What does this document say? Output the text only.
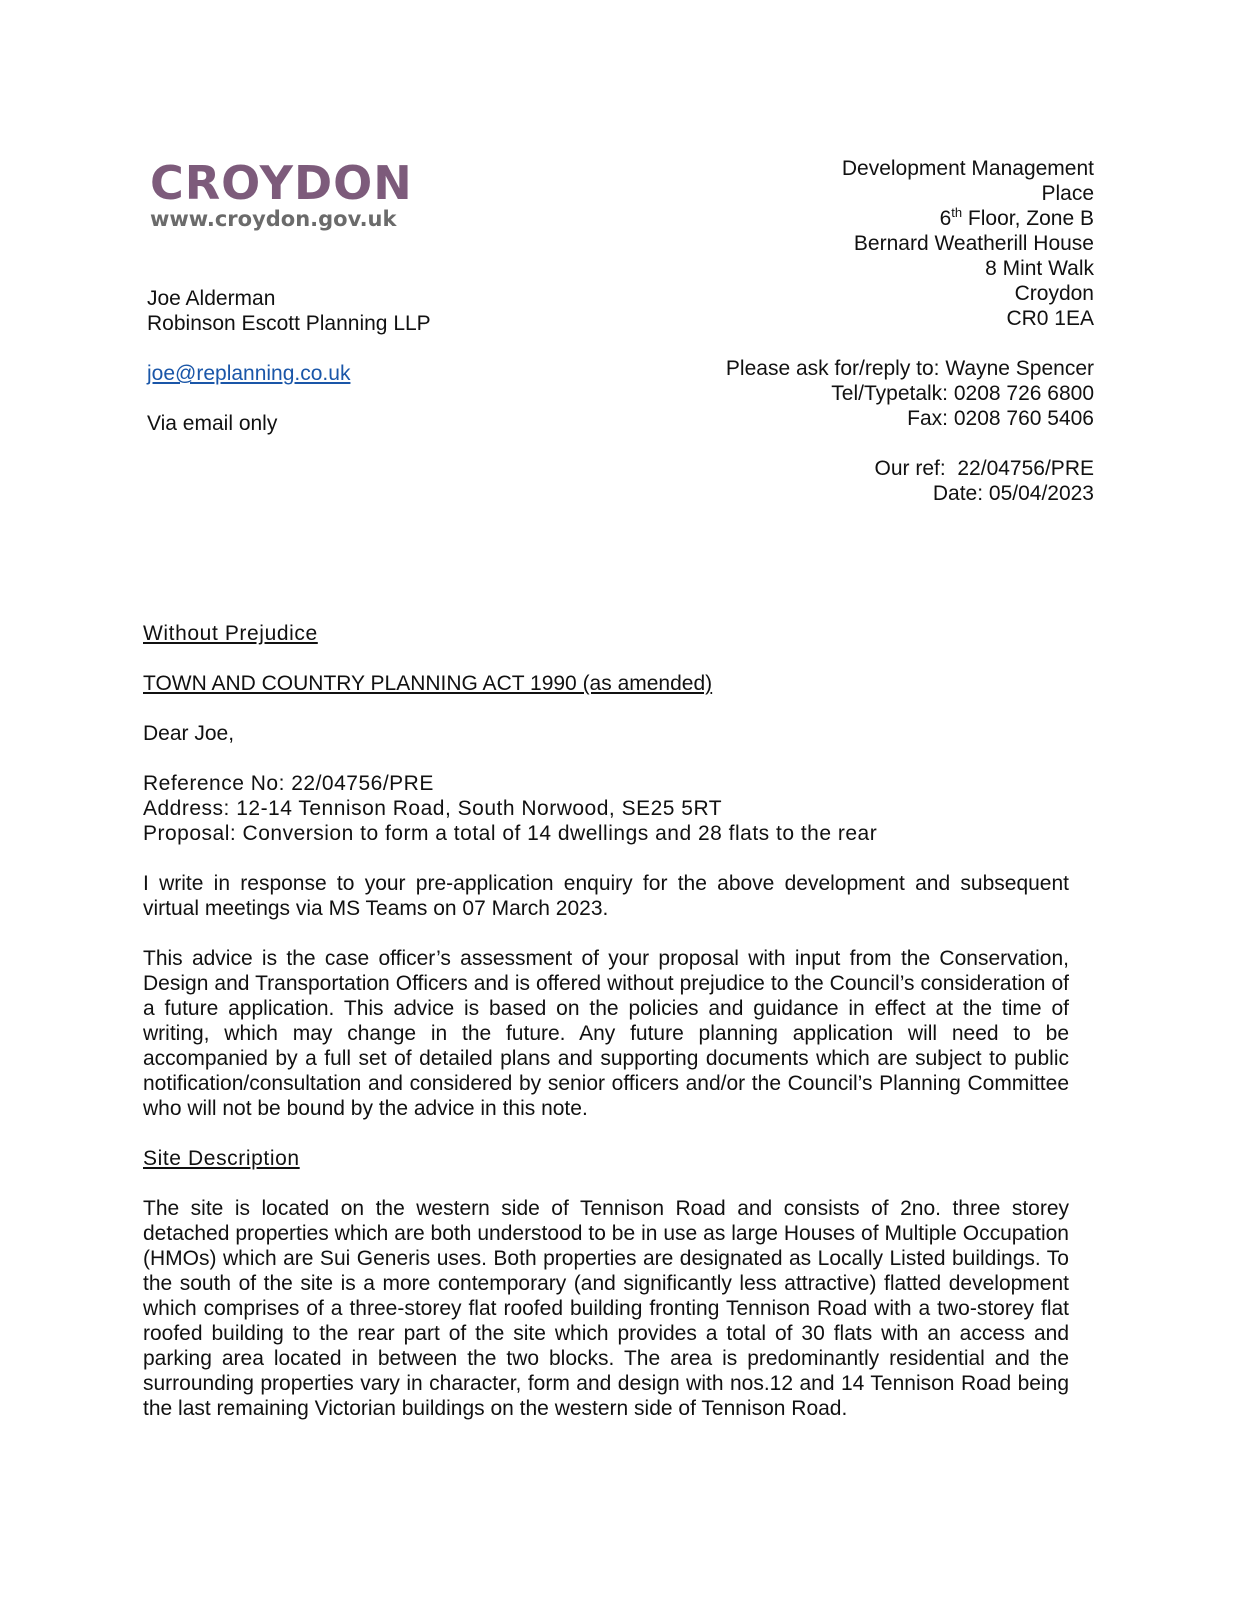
CROYDON
www.croydon.gov.uk
Development Management
Place
6th Floor, Zone B
Bernard Weatherill House
8 Mint Walk
Croydon
CR0 1EA
Please ask for/reply to: Wayne Spencer
Tel/Typetalk: 0208 726 6800
Fax: 0208 760 5406
Our ref:  22/04756/PRE
Date: 05/04/2023
Joe Alderman
Robinson Escott Planning LLP
joe@replanning.co.uk
Via email only

Without Prejudice

TOWN AND COUNTRY PLANNING ACT 1990 (as amended)

Dear Joe,

Reference No: 22/04756/PRE
Address: 12-14 Tennison Road, South Norwood, SE25 5RT
Proposal: Conversion to form a total of 14 dwellings and 28 flats to the rear

I write in response to your pre-application enquiry for the above development and subsequent virtual meetings via MS Teams on 07 March 2023.

This advice is the case officer’s assessment of your proposal with input from the Conservation, Design and Transportation Officers and is offered without prejudice to the Council’s consideration of a future application. This advice is based on the policies and guidance in effect at the time of writing, which may change in the future. Any future planning application will need to be accompanied by a full set of detailed plans and supporting documents which are subject to public notification/consultation and considered by senior officers and/or the Council’s Planning Committee who will not be bound by the advice in this note.

Site Description

The site is located on the western side of Tennison Road and consists of 2no. three storey detached properties which are both understood to be in use as large Houses of Multiple Occupation (HMOs) which are Sui Generis uses. Both properties are designated as Locally Listed buildings. To the south of the site is a more contemporary (and significantly less attractive) flatted development which comprises of a three-storey flat roofed building fronting Tennison Road with a two-storey flat roofed building to the rear part of the site which provides a total of 30 flats with an access and parking area located in between the two blocks. The area is predominantly residential and the surrounding properties vary in character, form and design with nos.12 and 14 Tennison Road being the last remaining Victorian buildings on the western side of Tennison Road.
